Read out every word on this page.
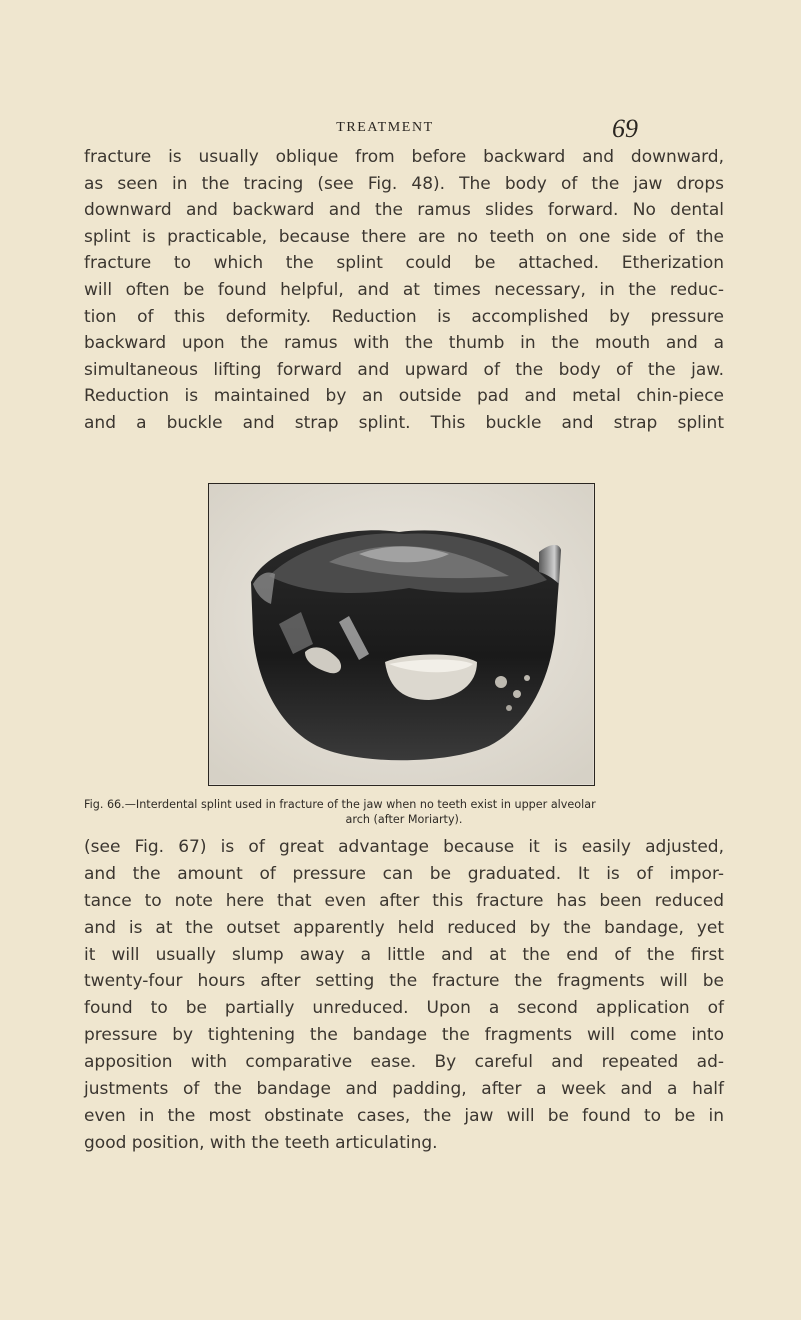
TREATMENT	69
fracture is usually oblique from before backward and downward,
as seen in the tracing (see Fig. 48). The body of the jaw drops
downward and backward and the ramus slides forward. No dental
splint is practicable, because there are no teeth on one side of the
fracture to which the splint could be attached. Etherization
will often be found helpful, and at times necessary, in the reduc-
tion of this deformity. Reduction is accomplished by pressure
backward upon the ramus with the thumb in the mouth and a
simultaneous lifting forward and upward of the body of the jaw.
Reduction is maintained by an outside pad and metal chin-piece
and a buckle and strap splint. This buckle and strap splint
Fig. 66.—Interdental splint used in fracture of the jaw when no teeth exist in upper alveolar
arch (after Moriarty).
(see Fig. 67) is of great advantage because it is easily adjusted,
and the amount of pressure can be graduated. It is of impor-
tance to note here that even after this fracture has been reduced
and is at the outset apparently held reduced by the bandage, yet
it will usually slump away a little and at the end of the first
twenty-four hours after setting the fracture the fragments will be
found to be partially unreduced. Upon a second application of
pressure by tightening the bandage the fragments will come into
apposition with comparative ease. By careful and repeated ad-
justments of the bandage and padding, after a week and a half
even in the most obstinate cases, the jaw will be found to be in
good position, with the teeth articulating.
